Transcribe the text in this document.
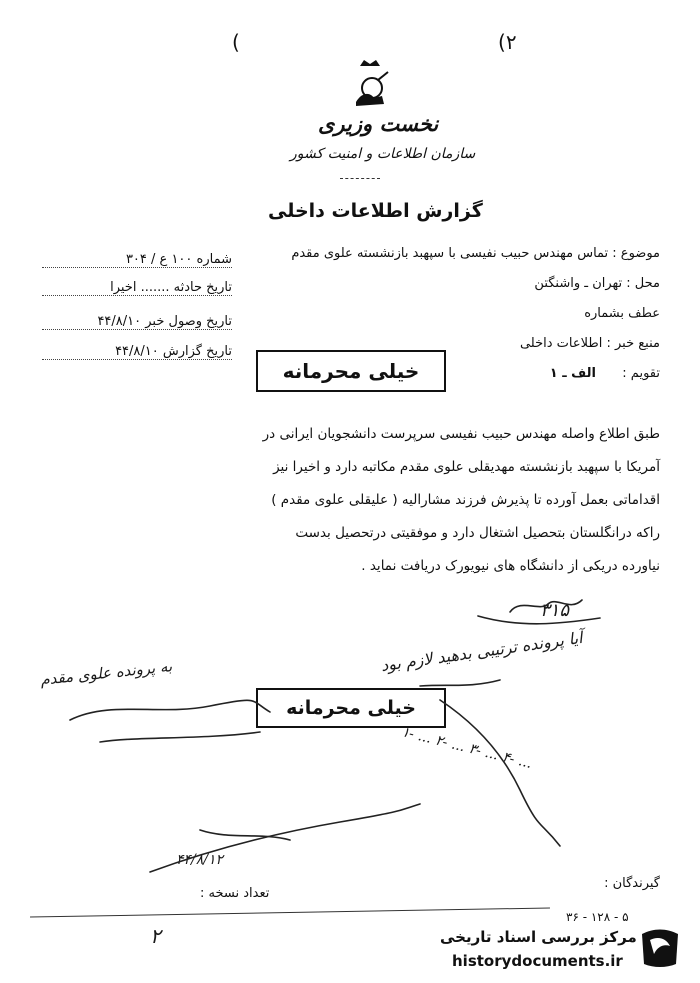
(	(٢
نخست وزیری
سازمان اطلاعات و امنیت کشور
گزارش اطلاعات داخلی
موضوع : تماس مهندس حبیب نفیسی با سپهبد بازنشسته علوی مقدم
محل : تهران ـ واشنگتن
عطف بشماره
منبع خبر : اطلاعات داخلی
تقویم :
الف ـ ۱
شماره ۱۰۰ ع / ۳۰۴
تاریخ حادثه ....... اخیرا
تاریخ وصول خبر ۴۴/۸/۱۰
تاریخ گزارش ۴۴/۸/۱۰
خیلی محرمانه
طبق اطلاع واصله مهندس حبیب نفیسی سرپرست دانشجویان ایرانی در
آمریکا با سپهبد بازنشسته مهدیقلی علوی مقدم مکاتبه دارد و اخیرا نیز
اقداماتی بعمل آورده تا پذیرش فرزند مشارالیه ( علیقلی علوی مقدم )
راکه درانگلستان بتحصیل اشتغال دارد و موفقیتی درتحصیل بدست
نیاورده دریکی از دانشگاه های نیویورک دریافت نماید .
۳۱۵
خیلی محرمانه
آیا پرونده ترتیبی بدهید لازم بود
۱- ... ۲- ... ۳- ... ۴- ...
به پرونده علوی مقدم
۴۴/۸/۱۲
گیرندگان :
تعداد نسخه :
۳۶ - ۱۲۸ - ۵
۲	مرکز بررسی اسناد تاریخی
historydocuments.ir
